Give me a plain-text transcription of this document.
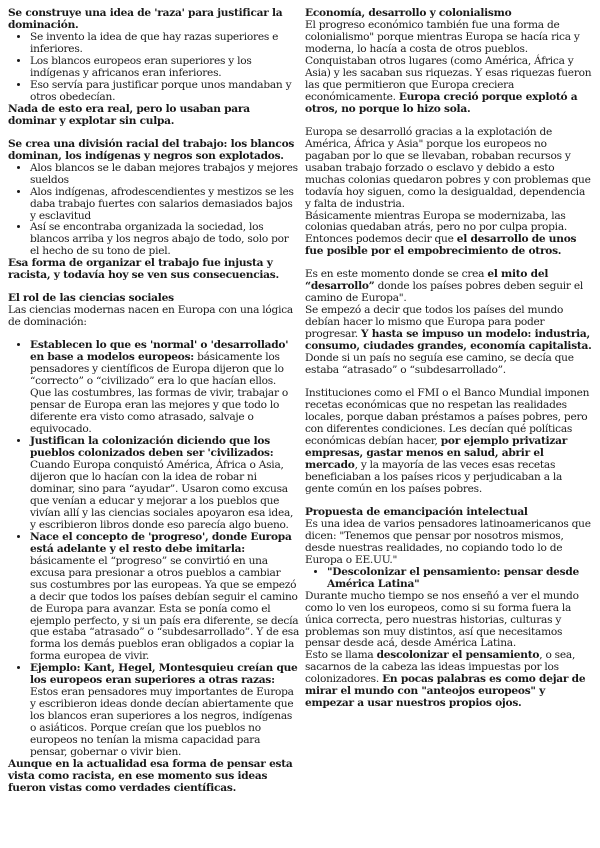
Se construye una idea de 'raza' para justificar la dominación.

• Se invento la idea de que hay razas superiores e inferiores.
• Los blancos europeos eran superiores y los indígenas y africanos eran inferiores.
• Eso servía para justificar porque unos mandaban y otros obedecían.

Nada de esto era real, pero lo usaban para dominar y explotar sin culpa.

Se crea una división racial del trabajo: los blancos dominan, los indígenas y negros son explotados.

• Alos blancos se le daban mejores trabajos y mejores sueldos
• Alos indígenas, afrodescendientes y mestizos se les daba trabajo fuertes con salarios demasiados bajos y esclavitud
• Así se encontraba organizada la sociedad, los blancos arriba y los negros abajo de todo, solo por el hecho de su tono de piel.

Esa forma de organizar el trabajo fue injusta y racista, y todavía hoy se ven sus consecuencias.

El rol de las ciencias sociales

Las ciencias modernas nacen en Europa con una lógica de dominación:

• Establecen lo que es 'normal' o 'desarrollado' en base a modelos europeos: básicamente los pensadores y científicos de Europa dijeron que lo “correcto” o “civilizado” era lo que hacían ellos. Que las costumbres, las formas de vivir, trabajar o pensar de Europa eran las mejores y que todo lo diferente era visto como atrasado, salvaje o equivocado.
• Justifican la colonización diciendo que los pueblos colonizados deben ser 'civilizados: Cuando Europa conquistó América, África o Asia, dijeron que lo hacían con la idea de robar ni dominar, sino para “ayudar”. Usaron como excusa que venían a educar y mejorar a los pueblos que vivían allí y las ciencias sociales apoyaron esa idea, y escribieron libros donde eso parecía algo bueno.
• Nace el concepto de 'progreso', donde Europa está adelante y el resto debe imitarla: básicamente el “progreso” se convirtió en una excusa para presionar a otros pueblos a cambiar sus costumbres por las europeas. Ya que se empezó a decir que todos los países debían seguir el camino de Europa para avanzar. Esta se ponía como el ejemplo perfecto, y si un país era diferente, se decía que estaba “atrasado” o “subdesarrollado”. Y de esa forma los demás pueblos eran obligados a copiar la forma europea de vivir.
• Ejemplo: Kant, Hegel, Montesquieu creían que los europeos eran superiores a otras razas: Estos eran pensadores muy importantes de Europa y escribieron ideas donde decían abiertamente que los blancos eran superiores a los negros, indígenas o asiáticos. Porque creían que los pueblos no europeos no tenían la misma capacidad para pensar, gobernar o vivir bien.

Aunque en la actualidad esa forma de pensar esta vista como racista, en ese momento sus ideas fueron vistas como verdades científicas.

Economía, desarrollo y colonialismo

El progreso económico también fue una forma de colonialismo" porque mientras Europa se hacía rica y moderna, lo hacía a costa de otros pueblos. Conquistaban otros lugares (como América, África y Asia) y les sacaban sus riquezas. Y esas riquezas fueron las que permitieron que Europa creciera económicamente. Europa creció porque explotó a otros, no porque lo hizo sola.

Europa se desarrolló gracias a la explotación de América, África y Asia" porque los europeos no pagaban por lo que se llevaban, robaban recursos y usaban trabajo forzado o esclavo y debido a esto muchas colonias quedaron pobres y con problemas que todavía hoy siguen, como la desigualdad, dependencia y falta de industria.

Básicamente mientras Europa se modernizaba, las colonias quedaban atrás, pero no por culpa propia. Entonces podemos decir que el desarrollo de unos fue posible por el empobrecimiento de otros.

Es en este momento donde se crea el mito del “desarrollo” donde los países pobres deben seguir el camino de Europa".

Se empezó a decir que todos los países del mundo debían hacer lo mismo que Europa para poder progresar. Y hasta se impuso un modelo: industria, consumo, ciudades grandes, economía capitalista. Donde si un país no seguía ese camino, se decía que estaba “atrasado” o “subdesarrollado”.

Instituciones como el FMI o el Banco Mundial imponen recetas económicas que no respetan las realidades locales, porque daban préstamos a países pobres, pero con diferentes condiciones. Les decían qué políticas económicas debían hacer, por ejemplo privatizar empresas, gastar menos en salud, abrir el mercado, y la mayoría de las veces esas recetas beneficiaban a los países ricos y perjudicaban a la gente común en los países pobres.

Propuesta de emancipación intelectual

Es una idea de varios pensadores latinoamericanos que dicen: "Tenemos que pensar por nosotros mismos, desde nuestras realidades, no copiando todo lo de Europa o EE.UU."

• "Descolonizar el pensamiento: pensar desde América Latina"

Durante mucho tiempo se nos enseñó a ver el mundo como lo ven los europeos, como si su forma fuera la única correcta, pero nuestras historias, culturas y problemas son muy distintos, así que necesitamos pensar desde acá, desde América Latina.

Esto se llama descolonizar el pensamiento, o sea, sacarnos de la cabeza las ideas impuestas por los colonizadores. En pocas palabras es como dejar de mirar el mundo con "anteojos europeos" y empezar a usar nuestros propios ojos.
